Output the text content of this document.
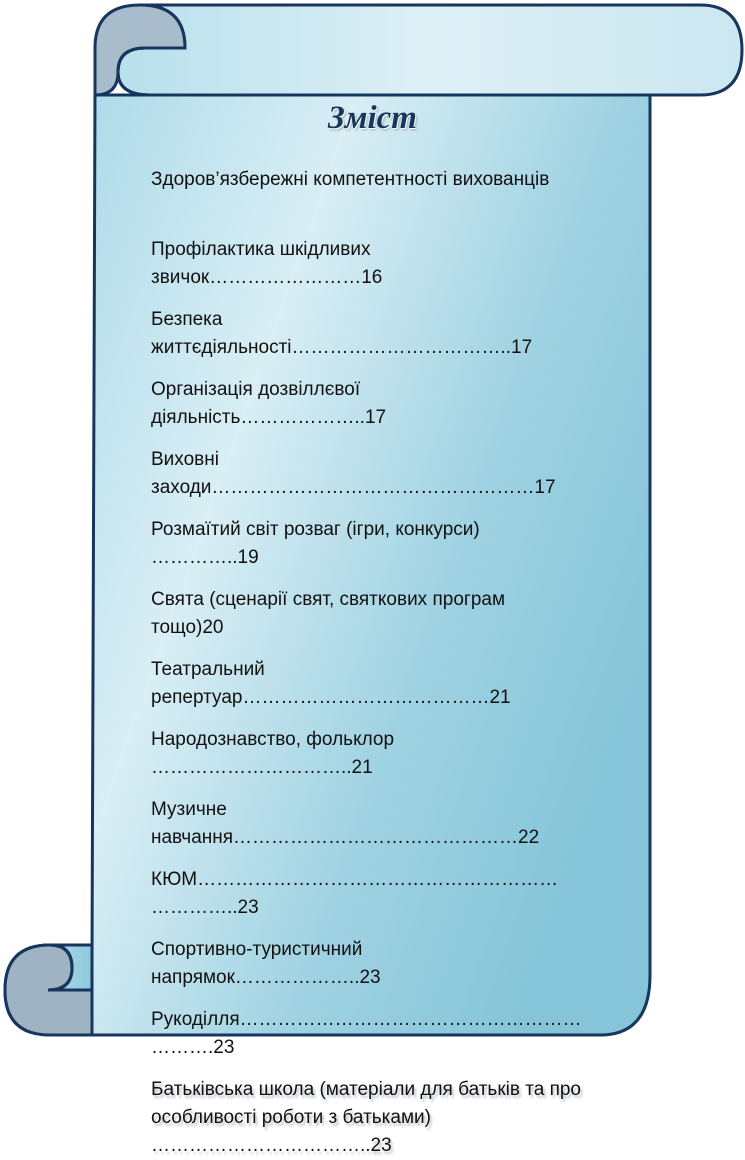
Зміст
Здоров’язбережні компетентності вихованців
Профілактика шкідливих
звичок……………………16
Безпека
життєдіяльності……………………………..17
Організація дозвіллєвої
діяльність………………..17
Виховні
заходи……………………………………………17
Розмаїтий світ розваг (ігри, конкурси)
…………..19
Свята (сценарії свят, святкових програм
тощо)20
Театральний
репертуар…………………………………21
Народознавство, фольклор
…………………………..21
Музичне
навчання………………………………………22
КЮМ…………………………………………………
…………..23
Спортивно-туристичний
напрямок………………..23
Рукоділля………………………………………………
……….23
Батьківська школа (матеріали для батьків та про
особливості роботи з батьками)
……………………………..23
